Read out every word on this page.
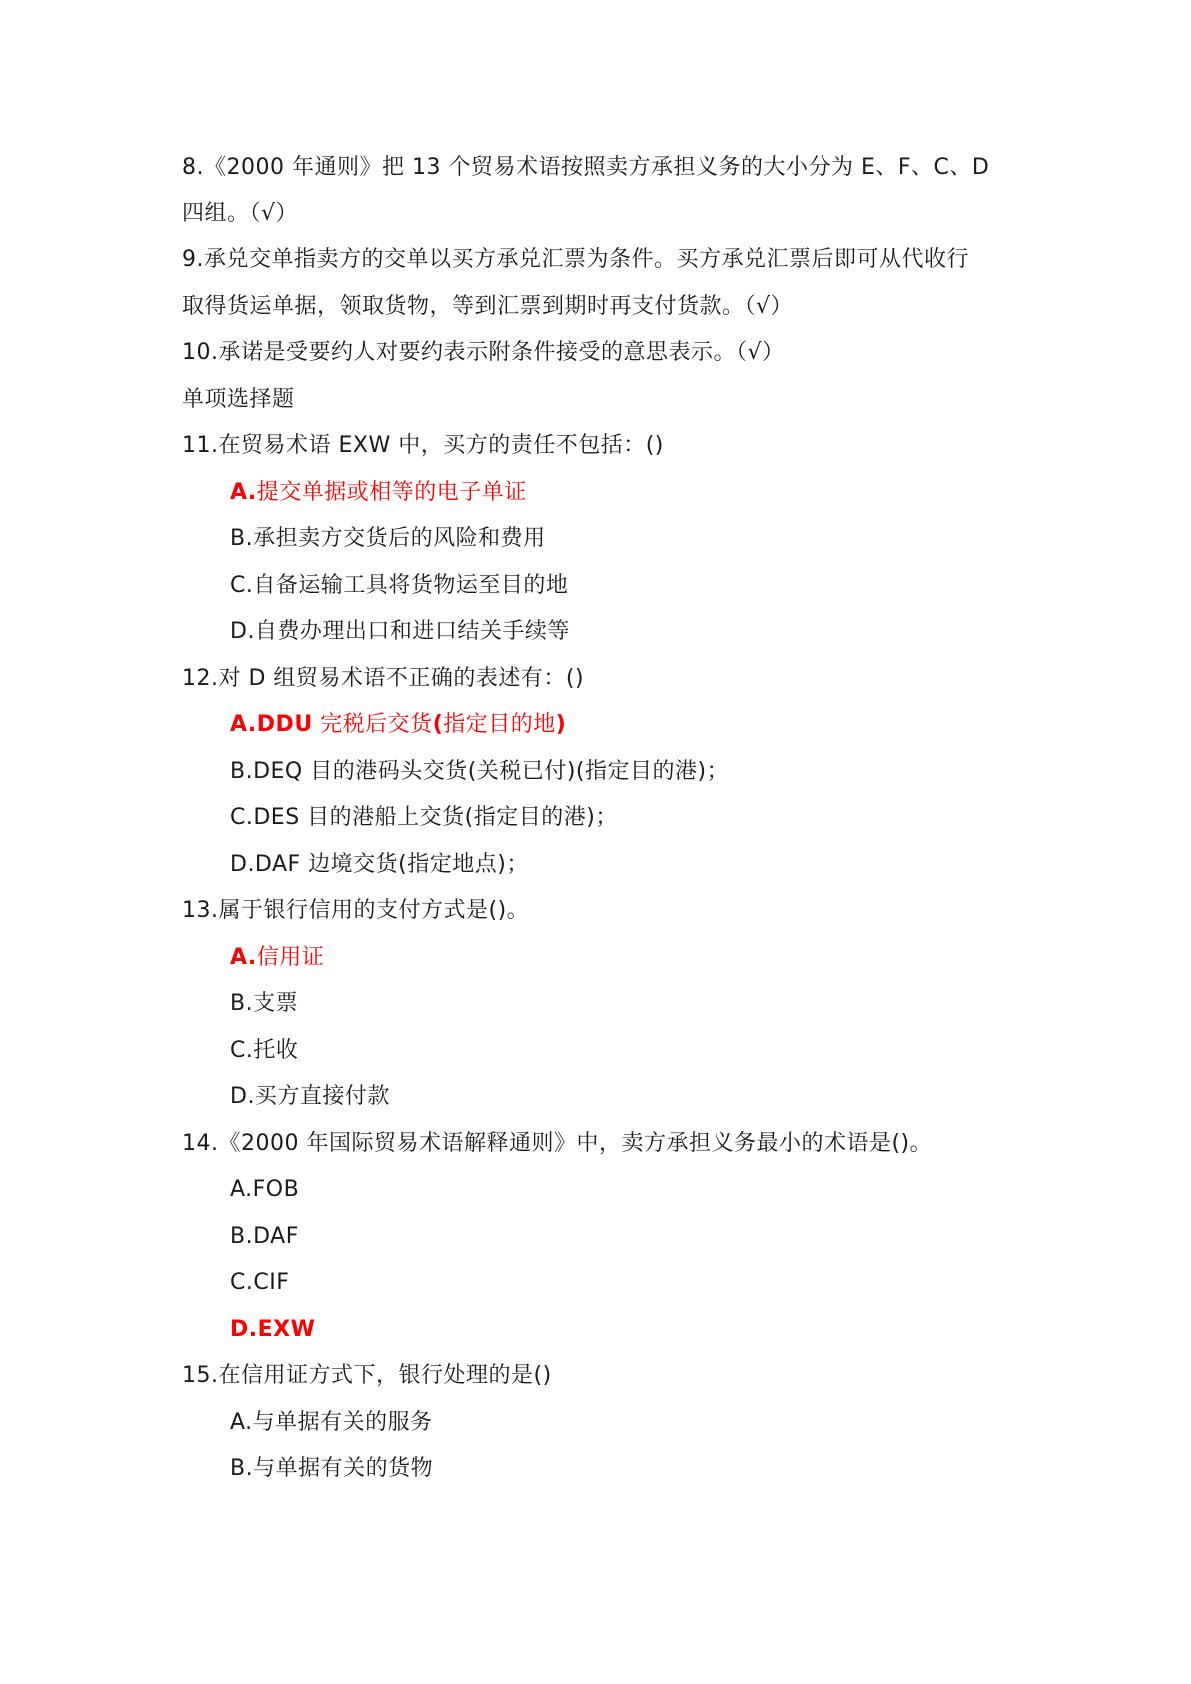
8.《2000 年通则》把 13 个贸易术语按照卖方承担义务的大小分为 E、F、C、D
四组。（√）
9.承兑交单指卖方的交单以买方承兑汇票为条件。买方承兑汇票后即可从代收行
取得货运单据，领取货物，等到汇票到期时再支付货款。（√）
10.承诺是受要约人对要约表示附条件接受的意思表示。（√）
单项选择题
11.在贸易术语 EXW 中，买方的责任不包括：()
A.提交单据或相等的电子单证
B.承担卖方交货后的风险和费用
C.自备运输工具将货物运至目的地
D.自费办理出口和进口结关手续等
12.对 D 组贸易术语不正确的表述有：()
A.DDU 完税后交货(指定目的地)
B.DEQ 目的港码头交货(关税已付)(指定目的港)；
C.DES 目的港船上交货(指定目的港)；
D.DAF 边境交货(指定地点)；
13.属于银行信用的支付方式是()。
A.信用证
B.支票
C.托收
D.买方直接付款
14.《2000 年国际贸易术语解释通则》中，卖方承担义务最小的术语是()。
A.FOB
B.DAF
C.CIF
D.EXW
15.在信用证方式下，银行处理的是()
A.与单据有关的服务
B.与单据有关的货物
